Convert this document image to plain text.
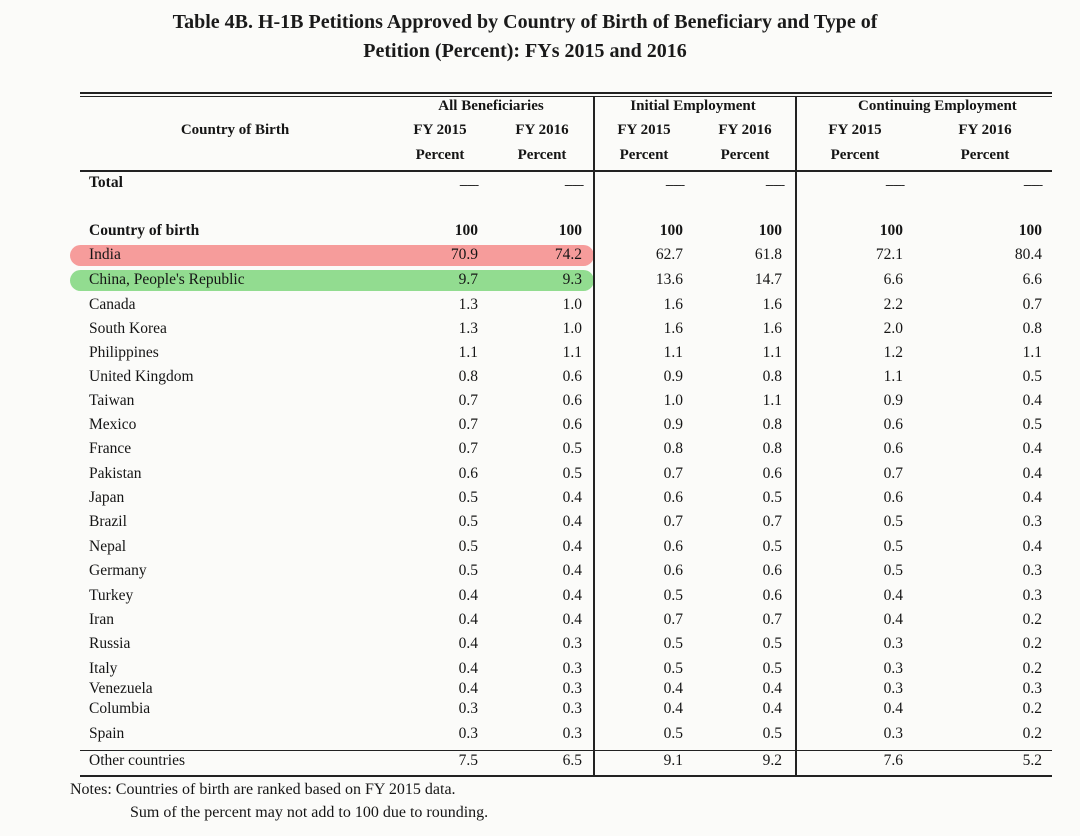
Table 4B. H-1B Petitions Approved by Country of Birth of Beneficiary and Type of
Petition (Percent): FYs 2015 and 2016
Country of Birth
All Beneficiaries	Initial Employment	Continuing Employment
FY 2015	FY 2016	FY 2015	FY 2016	FY 2015	FY 2016
Percent	Percent	Percent	Percent	Percent	Percent
Total	-------	-------	-------	-------	-------	-------
Country of birth	100	100	100	100	100	100
India	70.9	74.2	62.7	61.8	72.1	80.4
China, People's Republic	9.7	9.3	13.6	14.7	6.6	6.6
Canada	1.3	1.0	1.6	1.6	2.2	0.7
South Korea	1.3	1.0	1.6	1.6	2.0	0.8
Philippines	1.1	1.1	1.1	1.1	1.2	1.1
United Kingdom	0.8	0.6	0.9	0.8	1.1	0.5
Taiwan	0.7	0.6	1.0	1.1	0.9	0.4
Mexico	0.7	0.6	0.9	0.8	0.6	0.5
France	0.7	0.5	0.8	0.8	0.6	0.4
Pakistan	0.6	0.5	0.7	0.6	0.7	0.4
Japan	0.5	0.4	0.6	0.5	0.6	0.4
Brazil	0.5	0.4	0.7	0.7	0.5	0.3
Nepal	0.5	0.4	0.6	0.5	0.5	0.4
Germany	0.5	0.4	0.6	0.6	0.5	0.3
Turkey	0.4	0.4	0.5	0.6	0.4	0.3
Iran	0.4	0.4	0.7	0.7	0.4	0.2
Russia	0.4	0.3	0.5	0.5	0.3	0.2
Italy	0.4	0.3	0.5	0.5	0.3	0.2
Venezuela	0.4	0.3	0.4	0.4	0.3	0.3
Columbia	0.3	0.3	0.4	0.4	0.4	0.2
Spain	0.3	0.3	0.5	0.5	0.3	0.2
Other countries	7.5	6.5	9.1	9.2	7.6	5.2
Notes: Countries of birth are ranked based on FY 2015 data.
Sum of the percent may not add to 100 due to rounding.
